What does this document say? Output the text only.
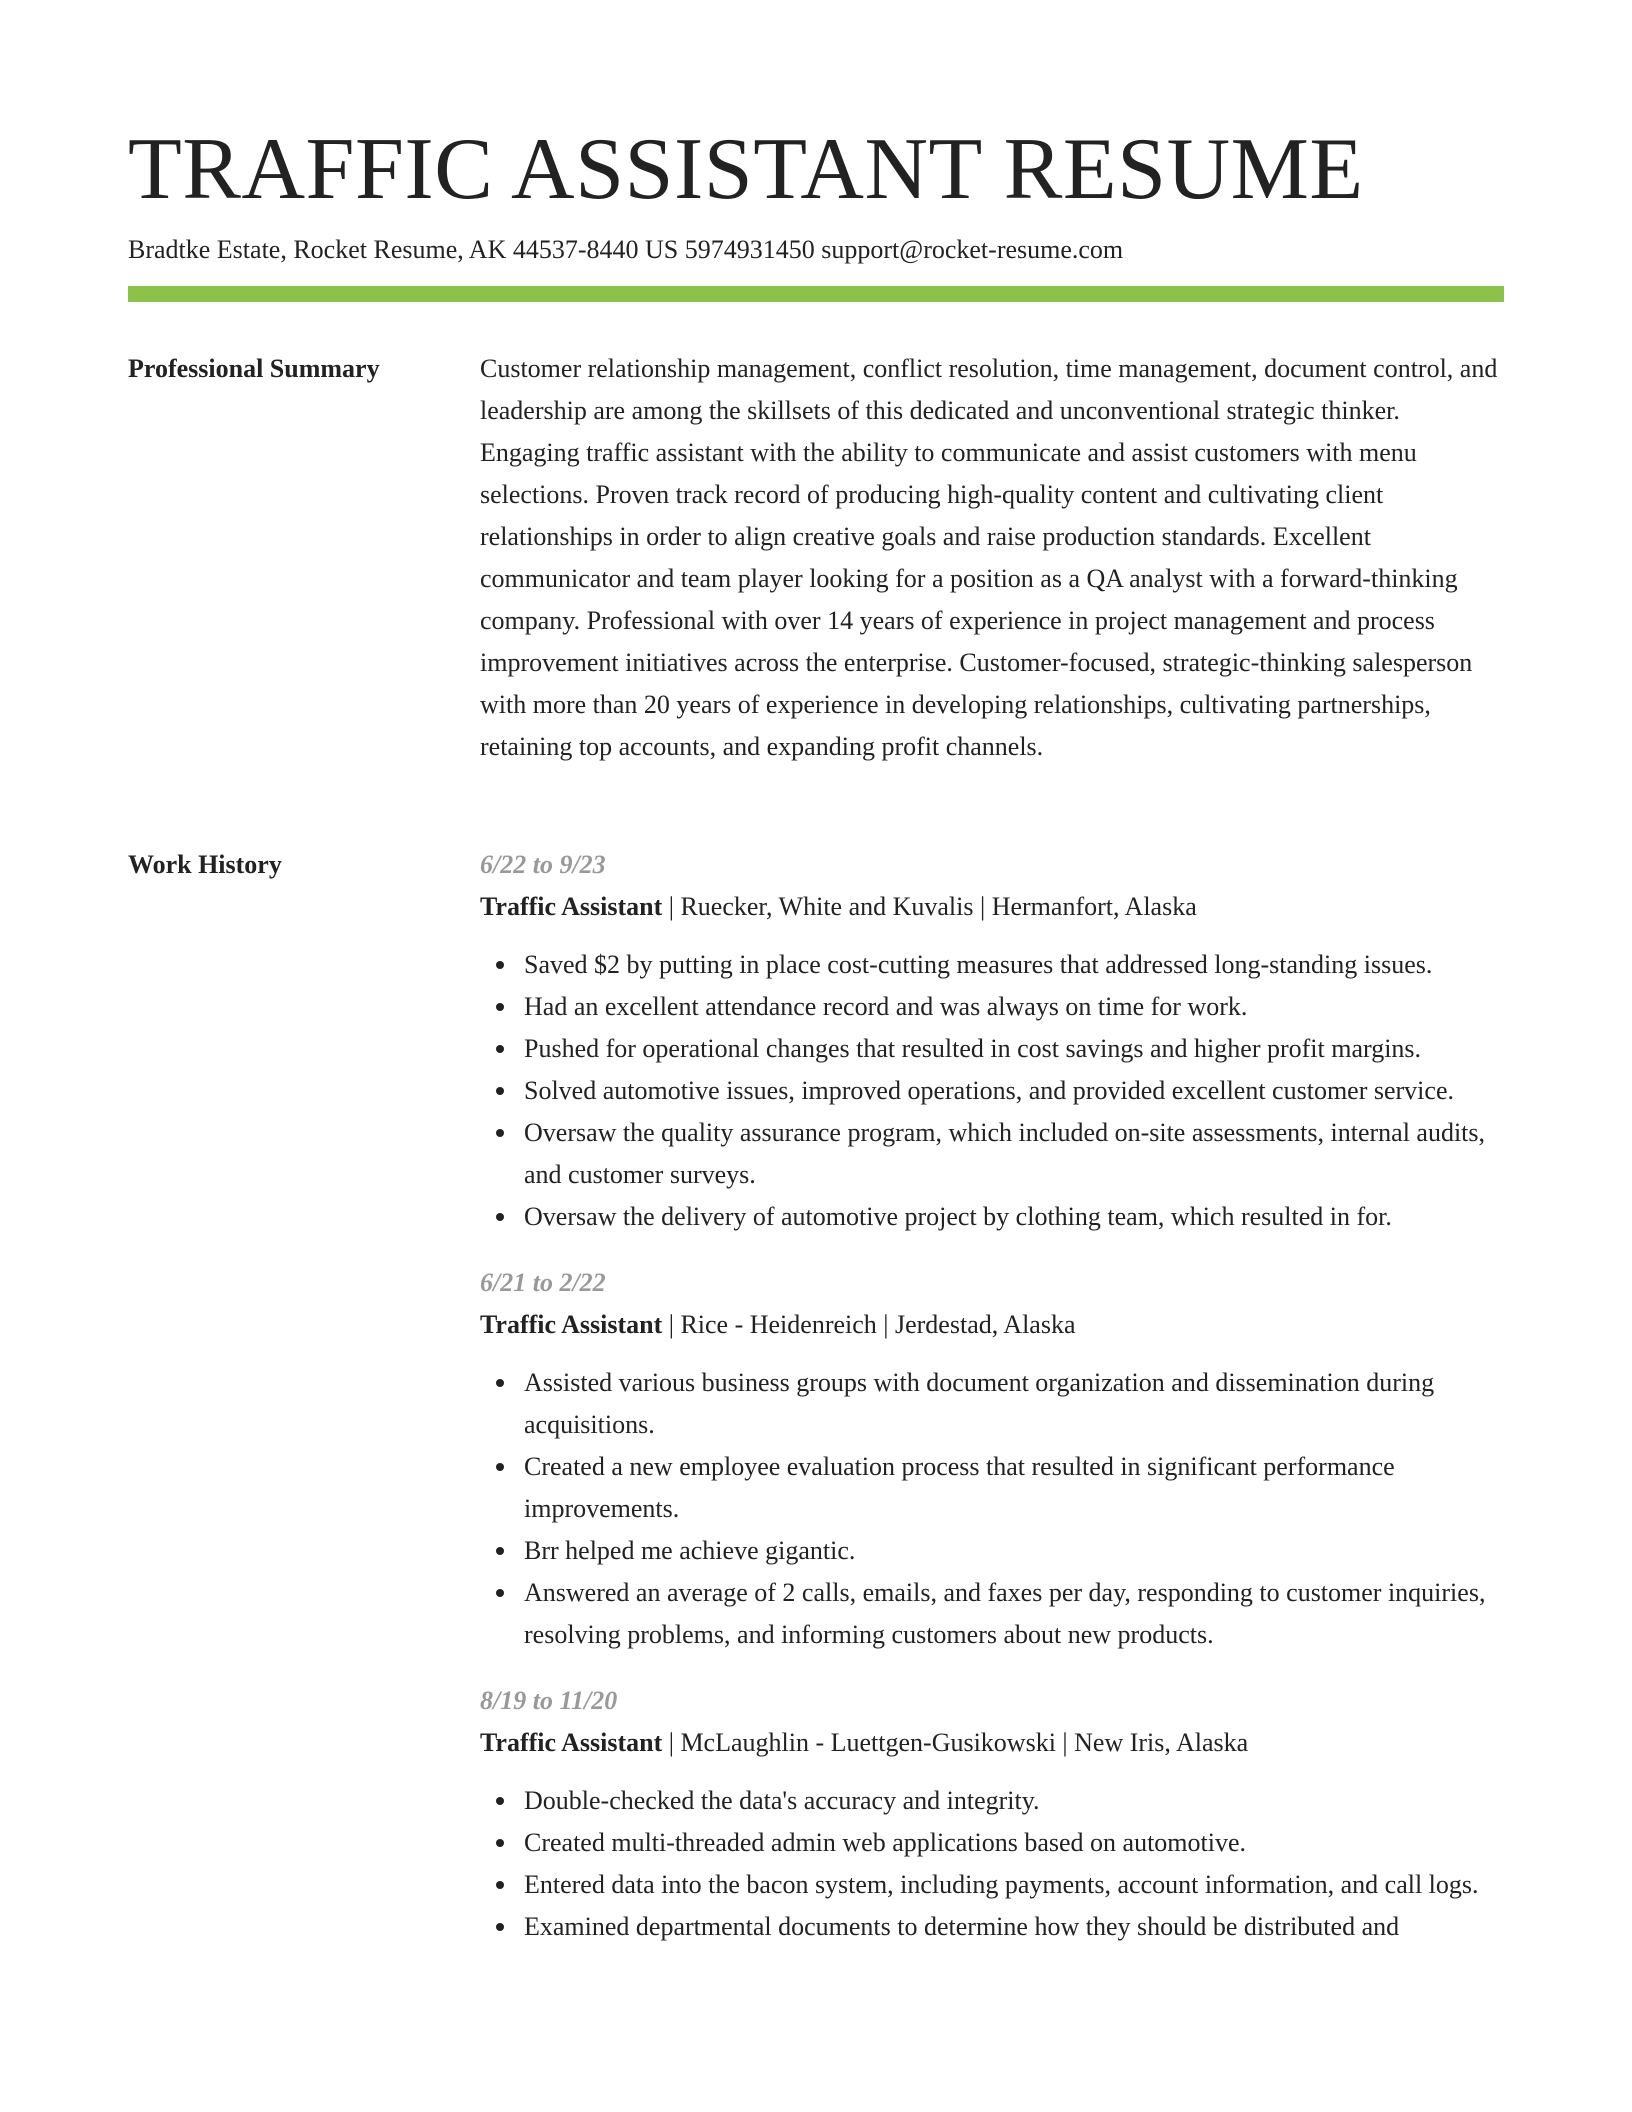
TRAFFIC ASSISTANT RESUME
Bradtke Estate, Rocket Resume, AK 44537-8440 US 5974931450 support@rocket-resume.com
Professional Summary	Customer relationship management, conflict resolution, time management, document control, and leadership are among the skillsets of this dedicated and unconventional strategic thinker. Engaging traffic assistant with the ability to communicate and assist customers with menu selections. Proven track record of producing high-quality content and cultivating client relationships in order to align creative goals and raise production standards. Excellent communicator and team player looking for a position as a QA analyst with a forward-thinking company. Professional with over 14 years of experience in project management and process improvement initiatives across the enterprise. Customer-focused, strategic-thinking salesperson with more than 20 years of experience in developing relationships, cultivating partnerships, retaining top accounts, and expanding profit channels.

Work History	6/22 to 9/23
Traffic Assistant | Ruecker, White and Kuvalis | Hermanfort, Alaska
Saved $2 by putting in place cost-cutting measures that addressed long-standing issues.
Had an excellent attendance record and was always on time for work.
Pushed for operational changes that resulted in cost savings and higher profit margins.
Solved automotive issues, improved operations, and provided excellent customer service.
Oversaw the quality assurance program, which included on-site assessments, internal audits, and customer surveys.
Oversaw the delivery of automotive project by clothing team, which resulted in for.
6/21 to 2/22
Traffic Assistant | Rice - Heidenreich | Jerdestad, Alaska
Assisted various business groups with document organization and dissemination during acquisitions.
Created a new employee evaluation process that resulted in significant performance improvements.
Brr helped me achieve gigantic.
Answered an average of 2 calls, emails, and faxes per day, responding to customer inquiries, resolving problems, and informing customers about new products.
8/19 to 11/20
Traffic Assistant | McLaughlin - Luettgen-Gusikowski | New Iris, Alaska
Double-checked the data's accuracy and integrity.
Created multi-threaded admin web applications based on automotive.
Entered data into the bacon system, including payments, account information, and call logs.
Examined departmental documents to determine how they should be distributed and
